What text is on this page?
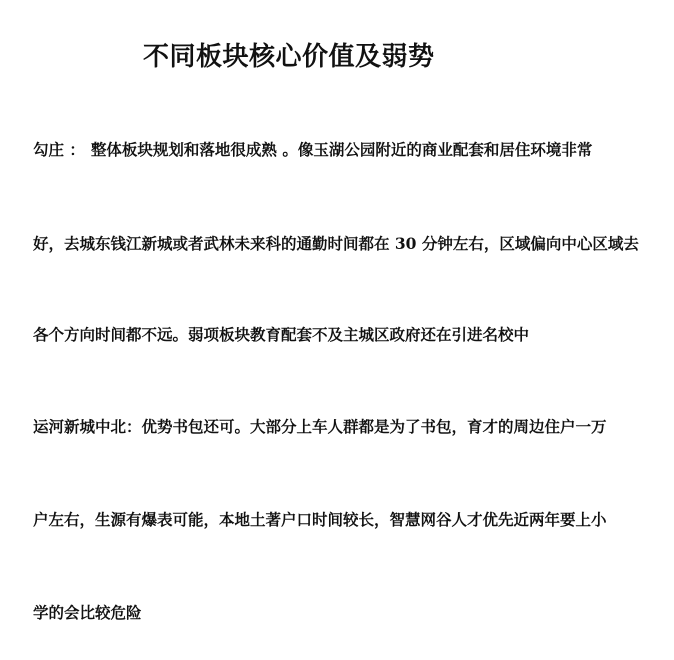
不同板块核心价值及弱势
勾庄 ： 整体板块规划和落地很成熟 。像玉湖公园附近的商业配套和居住环境非常
好，去城东钱江新城或者武林未来科的通勤时间都在 30 分钟左右，区域偏向中心区域去
各个方向时间都不远。弱项板块教育配套不及主城区政府还在引进名校中
运河新城中北：优势书包还可。大部分上车人群都是为了书包，育才的周边住户一万
户左右，生源有爆表可能，本地土著户口时间较长，智慧网谷人才优先近两年要上小
学的会比较危险
